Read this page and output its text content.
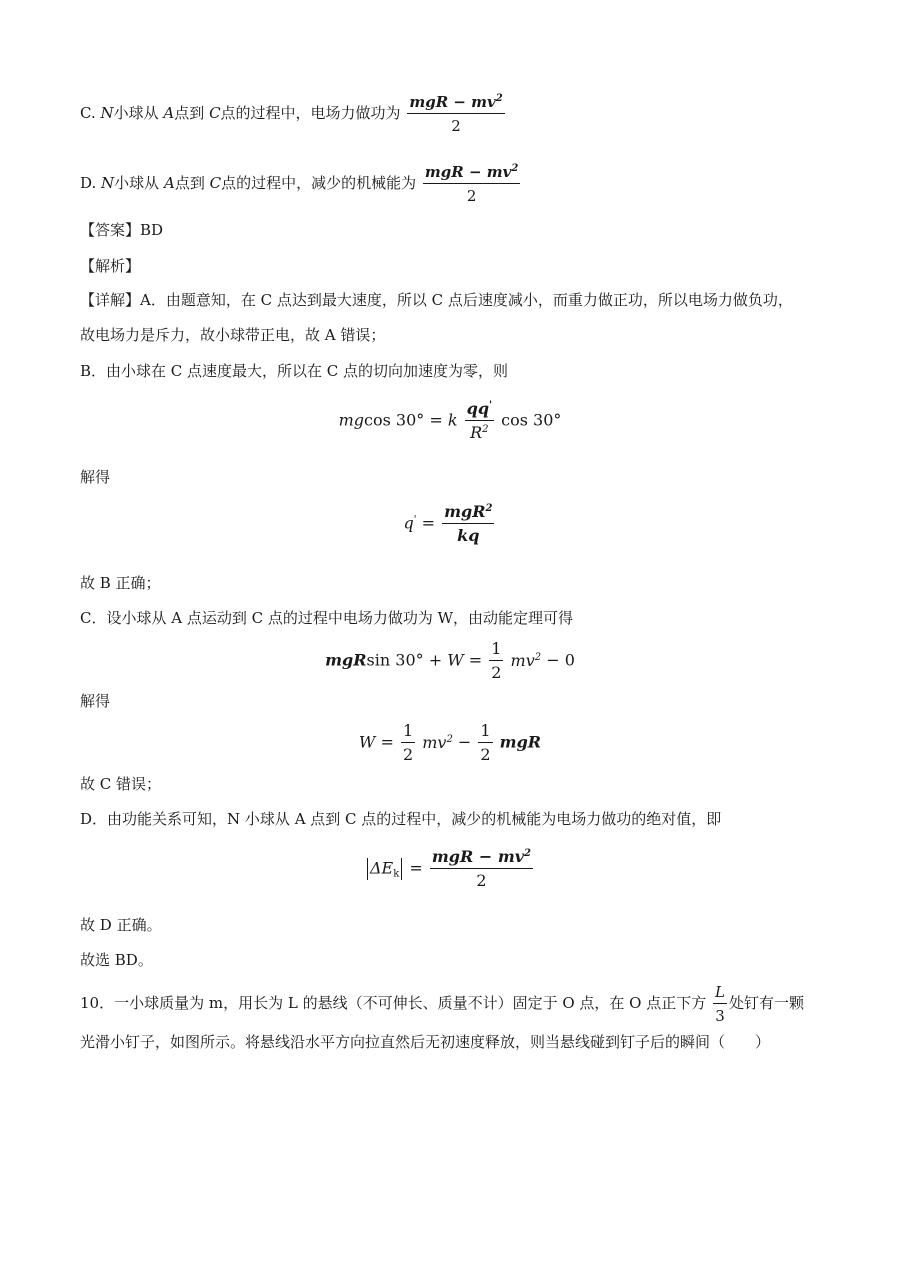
C. N小球从 A点到 C点的过程中，电场力做功为 $\frac{mgR - mv^2}{2}$
D. N小球从 A点到 C点的过程中，减少的机械能为 $\frac{mgR - mv^2}{2}$
【答案】BD
【解析】
【详解】A．由题意知，在 C 点达到最大速度，所以 C 点后速度减小，而重力做正功，所以电场力做负功，
故电场力是斥力，故小球带正电，故 A 错误；
B．由小球在 C 点速度最大，所以在 C 点的切向加速度为零，则
mgcos 30° = k $\frac{qq'}{R^2}$ cos 30°
解得
$q' = \frac{mgR^2}{kq}$
故 B 正确；
C．设小球从 A 点运动到 C 点的过程中电场力做功为 W，由动能定理可得
mgRsin $30^\circ + W = \frac{1}{2} mv^2 - 0$
解得
$W = \frac{1}{2} mv^2 - \frac{1}{2}$ mgR
故 C 错误；
D．由功能关系可知，N 小球从 A 点到 C 点的过程中，减少的机械能为电场力做功的绝对值，即
$\Delta E_k = \frac{mgR - mv^2}{2}$
故 D 正确。
故选 BD。
10．一小球质量为 m，用长为 L 的悬线（不可伸长、质量不计）固定于 O 点，在 O 点正下方 $\frac{L}{3}$ 处钉有一颗
光滑小钉子，如图所示。将悬线沿水平方向拉直然后无初速度释放，则当悬线碰到钉子后的瞬间（　　）
